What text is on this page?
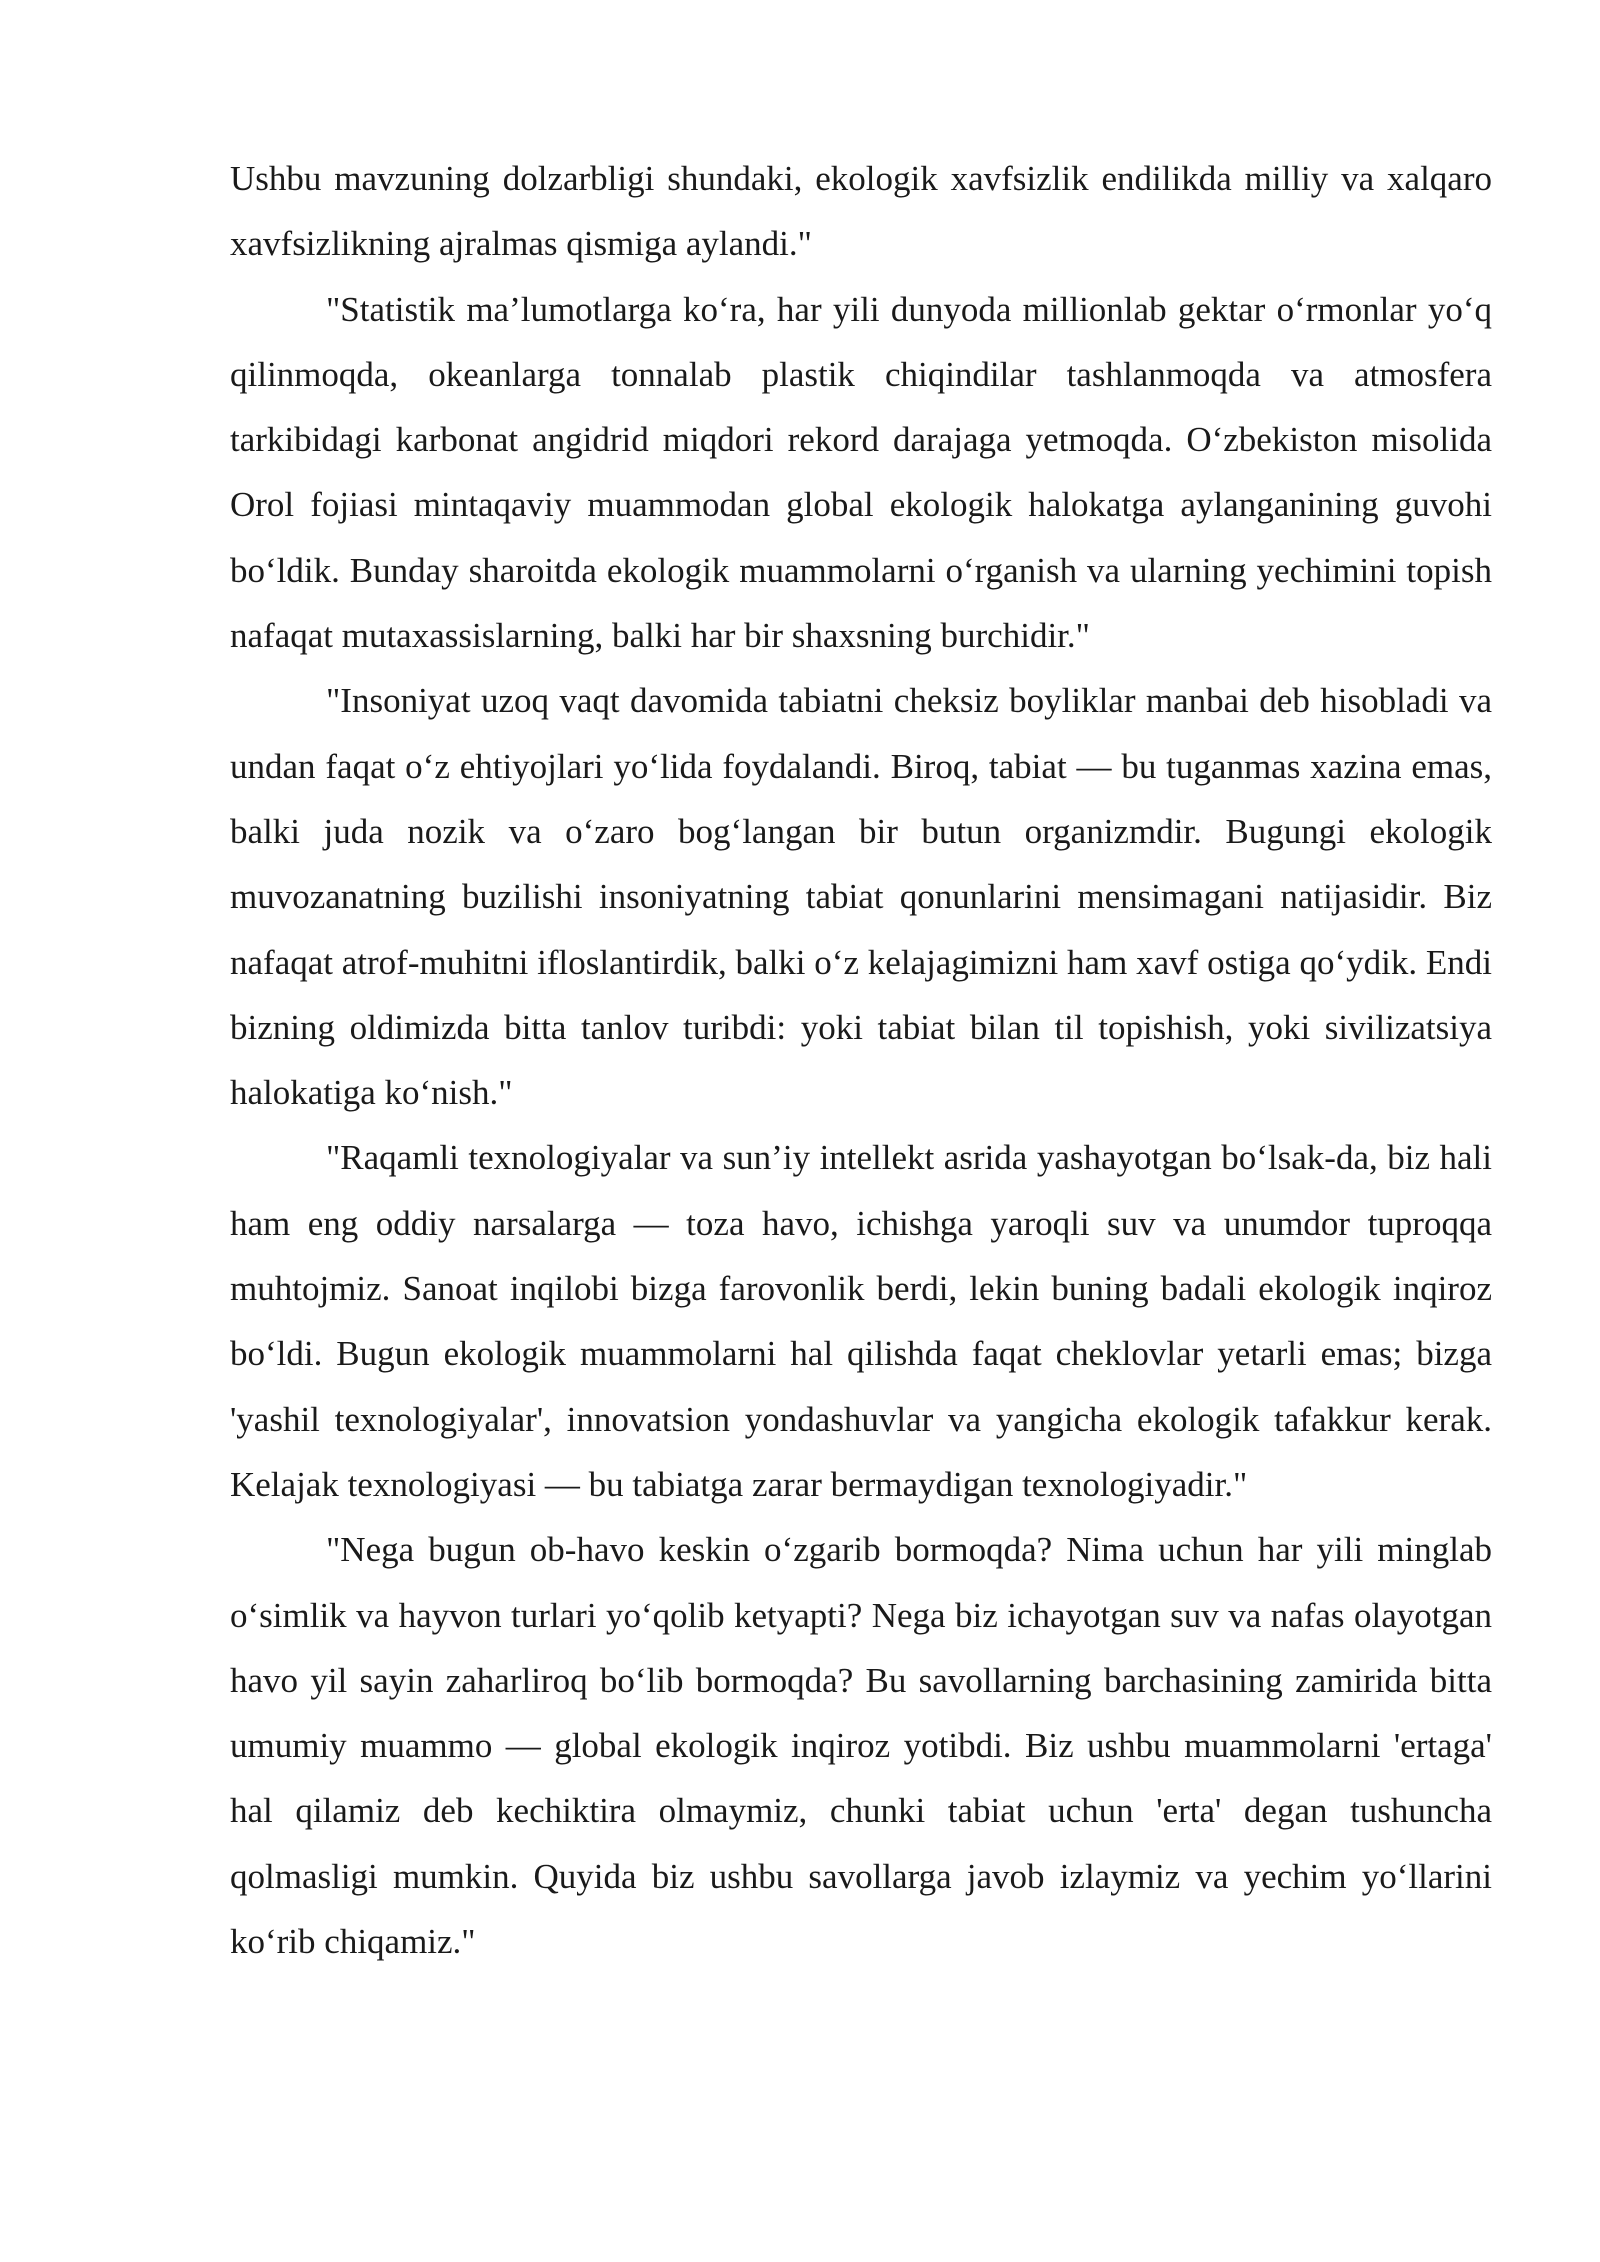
Ushbu mavzuning dolzarbligi shundaki, ekologik xavfsizlik endilikda milliy va xalqaro xavfsizlikning ajralmas qismiga aylandi."

"Statistik ma’lumotlarga ko‘ra, har yili dunyoda millionlab gektar o‘rmonlar yo‘q qilinmoqda, okeanlarga tonnalab plastik chiqindilar tashlanmoqda va atmosfera tarkibidagi karbonat angidrid miqdori rekord darajaga yetmoqda. O‘zbekiston misolida Orol fojiasi mintaqaviy muammodan global ekologik halokatga aylanganining guvohi bo‘ldik. Bunday sharoitda ekologik muammolarni o‘rganish va ularning yechimini topish nafaqat mutaxassislarning, balki har bir shaxsning burchidir."

"Insoniyat uzoq vaqt davomida tabiatni cheksiz boyliklar manbai deb hisobladi va undan faqat o‘z ehtiyojlari yo‘lida foydalandi. Biroq, tabiat — bu tuganmas xazina emas, balki juda nozik va o‘zaro bog‘langan bir butun organizmdir. Bugungi ekologik muvozanatning buzilishi insoniyatning tabiat qonunlarini mensimagani natijasidir. Biz nafaqat atrof-muhitni ifloslantirdik, balki o‘z kelajagimizni ham xavf ostiga qo‘ydik. Endi bizning oldimizda bitta tanlov turibdi: yoki tabiat bilan til topishish, yoki sivilizatsiya halokatiga ko‘nish."

"Raqamli texnologiyalar va sun’iy intellekt asrida yashayotgan bo‘lsak-da, biz hali ham eng oddiy narsalarga — toza havo, ichishga yaroqli suv va unumdor tuproqqa muhtojmiz. Sanoat inqilobi bizga farovonlik berdi, lekin buning badali ekologik inqiroz bo‘ldi. Bugun ekologik muammolarni hal qilishda faqat cheklovlar yetarli emas; bizga 'yashil texnologiyalar', innovatsion yondashuvlar va yangicha ekologik tafakkur kerak. Kelajak texnologiyasi — bu tabiatga zarar bermaydigan texnologiyadir."

"Nega bugun ob-havo keskin o‘zgarib bormoqda? Nima uchun har yili minglab o‘simlik va hayvon turlari yo‘qolib ketyapti? Nega biz ichayotgan suv va nafas olayotgan havo yil sayin zaharliroq bo‘lib bormoqda? Bu savollarning barchasining zamirida bitta umumiy muammo — global ekologik inqiroz yotibdi. Biz ushbu muammolarni 'ertaga' hal qilamiz deb kechiktira olmaymiz, chunki tabiat uchun 'erta' degan tushuncha qolmasligi mumkin. Quyida biz ushbu savollarga javob izlaymiz va yechim yo‘llarini ko‘rib chiqamiz."
